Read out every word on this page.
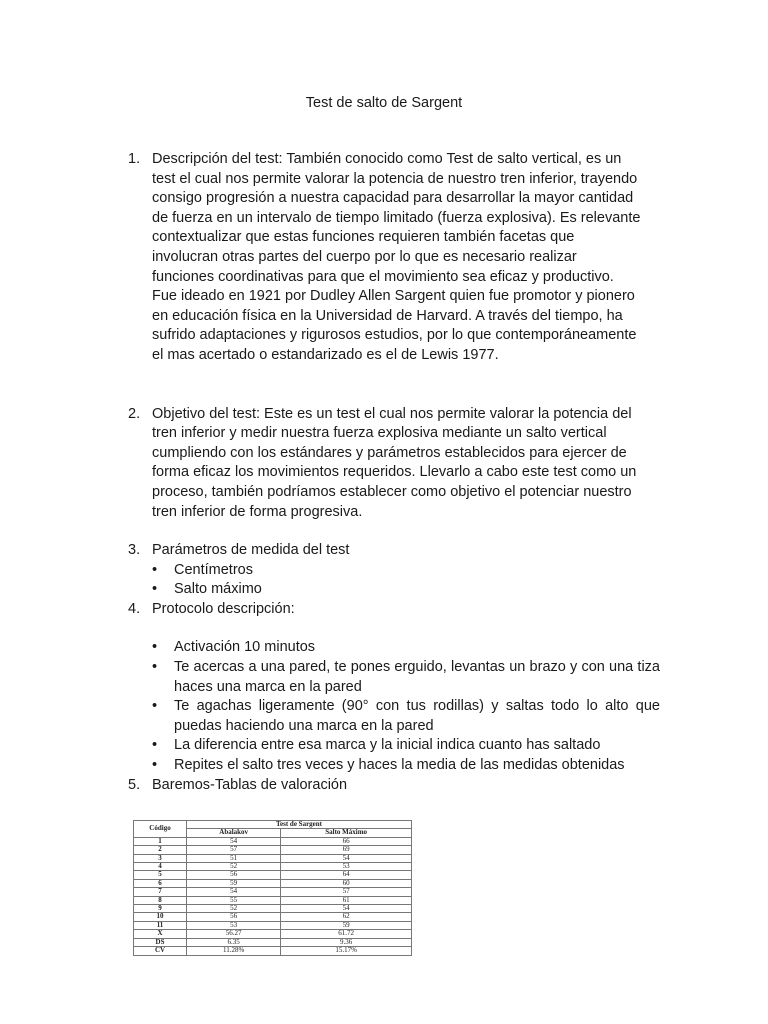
Test de salto de Sargent
1. Descripción del test: También conocido como Test de salto vertical, es un
test el cual nos permite valorar la potencia de nuestro tren inferior, trayendo
consigo progresión a nuestra capacidad para desarrollar la mayor cantidad
de fuerza en un intervalo de tiempo limitado (fuerza explosiva). Es relevante
contextualizar que estas funciones requieren también facetas que
involucran otras partes del cuerpo por lo que es necesario realizar
funciones coordinativas para que el movimiento sea eficaz y productivo.
Fue ideado en 1921 por Dudley Allen Sargent quien fue promotor y pionero
en educación física en la Universidad de Harvard. A través del tiempo, ha
sufrido adaptaciones y rigurosos estudios, por lo que contemporáneamente
el mas acertado o estandarizado es el de Lewis 1977.
2. Objetivo del test: Este es un test el cual nos permite valorar la potencia del
tren inferior y medir nuestra fuerza explosiva mediante un salto vertical
cumpliendo con los estándares y parámetros establecidos para ejercer de
forma eficaz los movimientos requeridos. Llevarlo a cabo este test como un
proceso, también podríamos establecer como objetivo el potenciar nuestro
tren inferior de forma progresiva.
3. Parámetros de medida del test
• Centímetros
• Salto máximo
4. Protocolo descripción:
• Activación 10 minutos
• Te acercas a una pared, te pones erguido, levantas un brazo y con una tiza haces una marca en la pared
• Te agachas ligeramente (90° con tus rodillas) y saltas todo lo alto que puedas haciendo una marca en la pared
• La diferencia entre esa marca y la inicial indica cuanto has saltado
• Repites el salto tres veces y haces la media de las medidas obtenidas
5. Baremos-Tablas de valoración
Código	Test de Sargent	
	Abalakov	Salto Máximo
1	54	66
2	57	69
3	51	54
4	52	53
5	56	64
6	59	60
7	54	57
8	55	61
9	52	54
10	56	62
11	53	59
X	56.27	61.72
DS	6.35	9.36
CV	11.28%	15.17%
